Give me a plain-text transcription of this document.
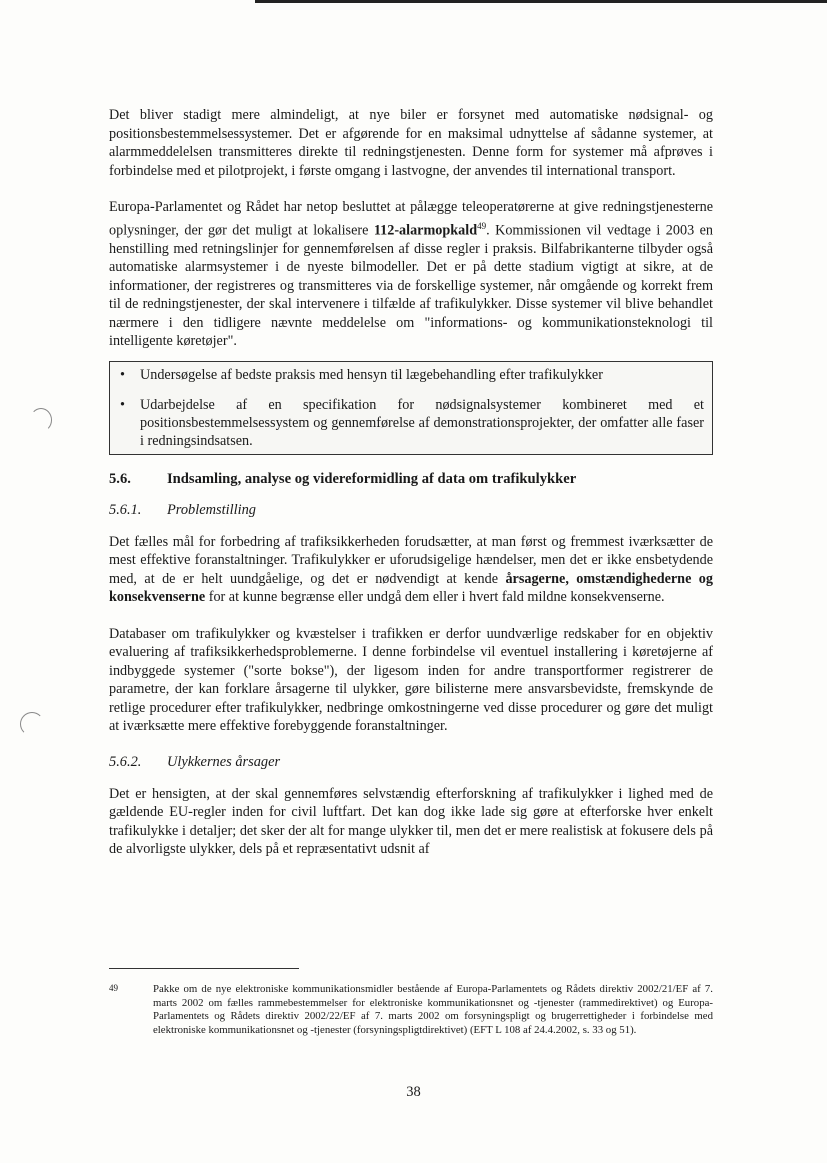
Det bliver stadigt mere almindeligt, at nye biler er forsynet med automatiske nødsignal- og positionsbestemmelsessystemer. Det er afgørende for en maksimal udnyttelse af sådanne systemer, at alarmmeddelelsen transmitteres direkte til redningstjenesten. Denne form for systemer må afprøves i forbindelse med et pilotprojekt, i første omgang i lastvogne, der anvendes til international transport.

Europa-Parlamentet og Rådet har netop besluttet at pålægge teleoperatørerne at give redningstjenesterne oplysninger, der gør det muligt at lokalisere 112-alarmopkald$^{49}$. Kommissionen vil vedtage i 2003 en henstilling med retningslinjer for gennemførelsen af disse regler i praksis. Bilfabrikanterne tilbyder også automatiske alarmsystemer i de nyeste bilmodeller. Det er på dette stadium vigtigt at sikre, at de informationer, der registreres og transmitteres via de forskellige systemer, når omgående og korrekt frem til de redningstjenester, der skal intervenere i tilfælde af trafikulykker. Disse systemer vil blive behandlet nærmere i den tidligere nævnte meddelelse om "informations- og kommunikationsteknologi til intelligente køretøjer".

• Undersøgelse af bedste praksis med hensyn til lægebehandling efter trafikulykker
• Udarbejdelse af en specifikation for nødsignalsystemer kombineret med et positionsbestemmelsessystem og gennemførelse af demonstrationsprojekter, der omfatter alle faser i redningsindsatsen.
5.6.	Indsamling, analyse og videreformidling af data om trafikulykker
5.6.1.	Problemstilling

Det fælles mål for forbedring af trafiksikkerheden forudsætter, at man først og fremmest iværksætter de mest effektive foranstaltninger. Trafikulykker er uforudsigelige hændelser, men det er ikke ensbetydende med, at de er helt uundgåelige, og det er nødvendigt at kende årsagerne, omstændighederne og konsekvenserne for at kunne begrænse eller undgå dem eller i hvert fald mildne konsekvenserne.

Databaser om trafikulykker og kvæstelser i trafikken er derfor uundværlige redskaber for en objektiv evaluering af trafiksikkerhedsproblemerne. I denne forbindelse vil eventuel installering i køretøjerne af indbyggede systemer ("sorte bokse"), der ligesom inden for andre transportformer registrerer de parametre, der kan forklare årsagerne til ulykker, gøre bilisterne mere ansvarsbevidste, fremskynde de retlige procedurer efter trafikulykker, nedbringe omkostningerne ved disse procedurer og gøre det muligt at iværksætte mere effektive forebyggende foranstaltninger.

5.6.2.	Ulykkernes årsager

Det er hensigten, at der skal gennemføres selvstændig efterforskning af trafikulykker i lighed med de gældende EU-regler inden for civil luftfart. Det kan dog ikke lade sig gøre at efterforske hver enkelt trafikulykke i detaljer; det sker der alt for mange ulykker til, men det er mere realistisk at fokusere dels på de alvorligste ulykker, dels på et repræsentativt udsnit af

49	Pakke om de nye elektroniske kommunikationsmidler bestående af Europa-Parlamentets og Rådets direktiv 2002/21/EF af 7. marts 2002 om fælles rammebestemmelser for elektroniske kommunikationsnet og -tjenester (rammedirektivet) og Europa-Parlamentets og Rådets direktiv 2002/22/EF af 7. marts 2002 om forsyningspligt og brugerrettigheder i forbindelse med elektroniske kommunikationsnet og -tjenester (forsyningspligtdirektivet) (EFT L 108 af 24.4.2002, s. 33 og 51).
38
